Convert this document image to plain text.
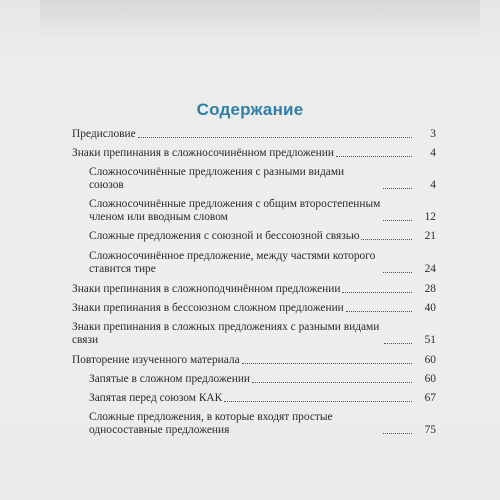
Содержание
Предисловие	3
Знаки препинания в сложносочинённом предложении	4
Сложносочинённые предложения с разными видами союзов	4
Сложносочинённые предложения с общим второстепенным членом или вводным словом	12
Сложные предложения с союзной и бессоюзной связью	21
Сложносочинённое предложение, между частями которого ставится тире	24
Знаки препинания в сложноподчинённом предложении	28
Знаки препинания в бессоюзном сложном предложении	40
Знаки препинания в сложных предложениях с разными видами связи	51
Повторение изученного материала	60
Запятые в сложном предложении	60
Запятая перед союзом КАК	67
Сложные предложения, в которые входят простые односоставные предложения	75
